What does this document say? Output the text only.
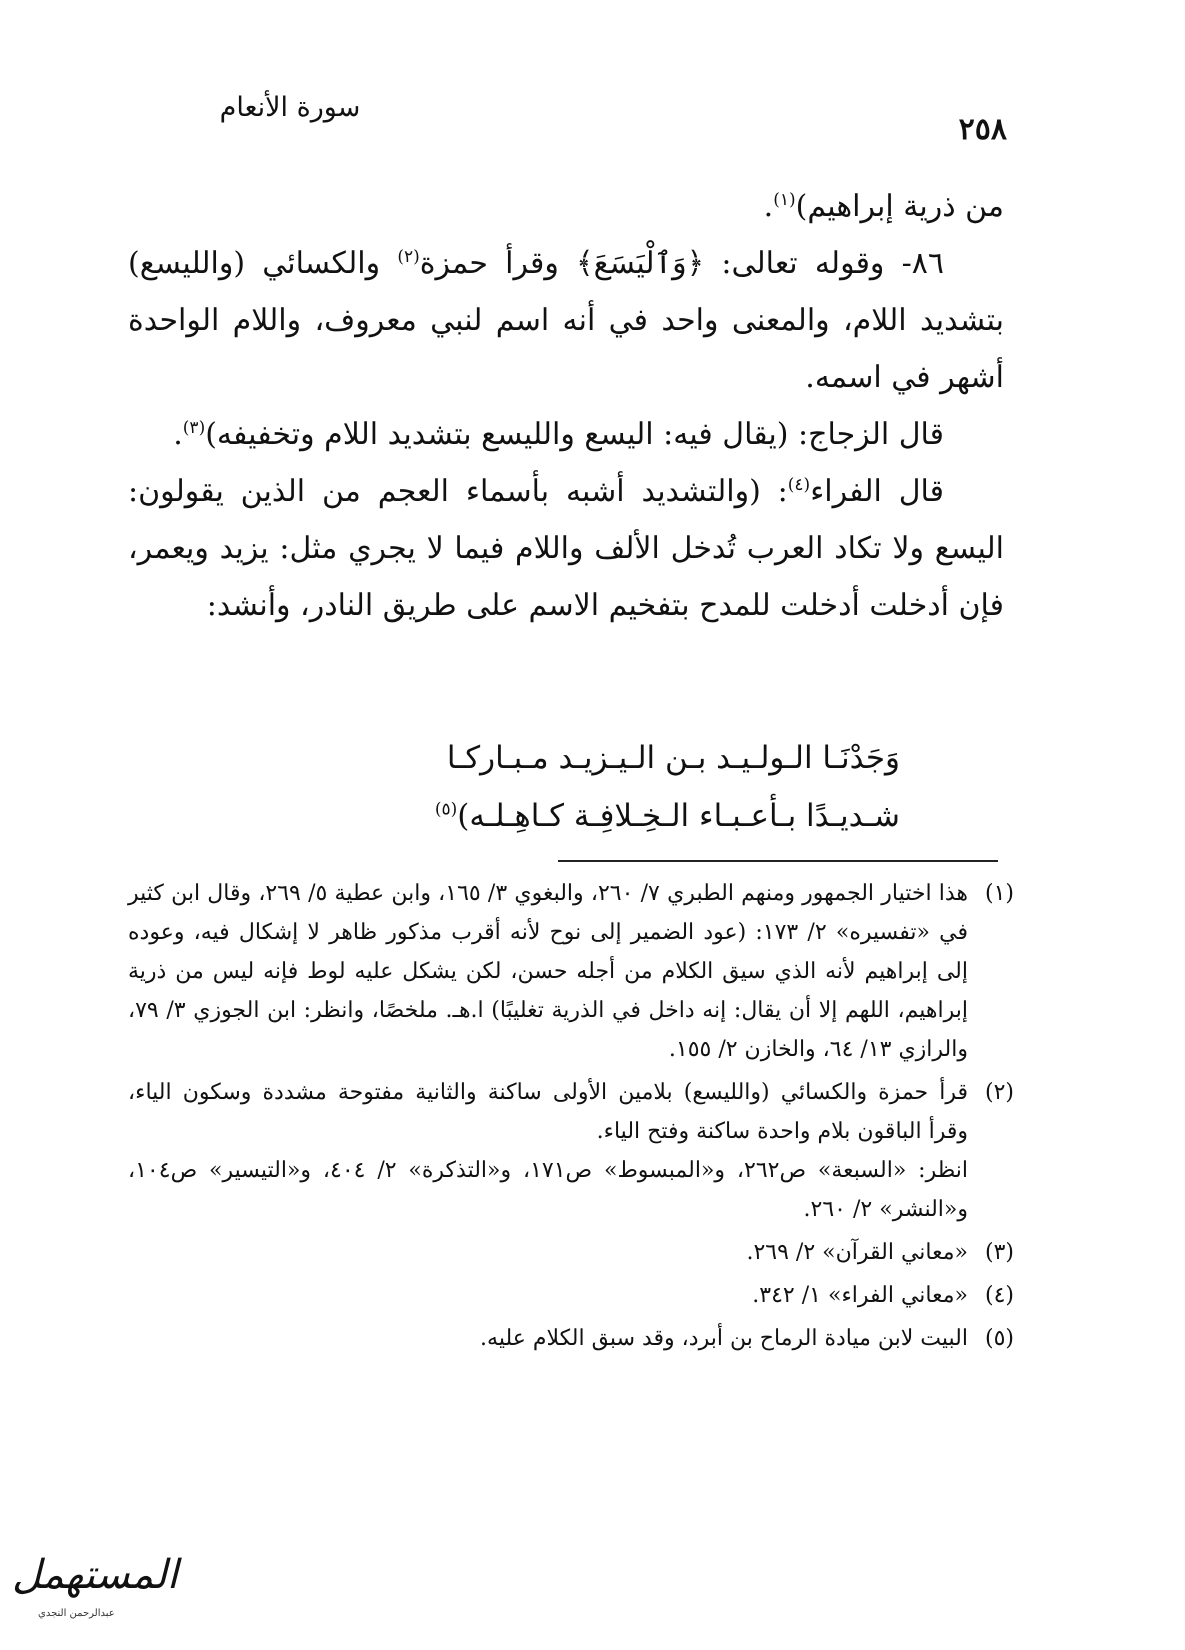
سورة الأنعام
٢٥٨

من ذرية إبراهيم)$^{(١)}$.

٨٦- وقوله تعالى: ﴿وَٱلْيَسَعَ﴾ وقرأ حمزة$^{(٢)}$ والكسائي (والليسع) بتشديد اللام، والمعنى واحد في أنه اسم لنبي معروف، واللام الواحدة أشهر في اسمه.

قال الزجاج: (يقال فيه: اليسع والليسع بتشديد اللام وتخفيفه)$^{(٣)}$.

قال الفراء$^{(٤)}$: (والتشديد أشبه بأسماء العجم من الذين يقولون: اليسع ولا تكاد العرب تُدخل الألف واللام فيما لا يجري مثل: يزيد ويعمر، فإن أدخلت أدخلت للمدح بتفخيم الاسم على طريق النادر، وأنشد:

وَجَدْنَـا الـولـيـد بـن الـيـزيـد مـبـاركـا
شـديـدًا بـأعـبـاء الـخِـلافِـة كـاهِـلـه)$^{(٥)}$
(١)
هذا اختيار الجمهور ومنهم الطبري ٧/ ٢٦٠، والبغوي ٣/ ١٦٥، وابن عطية ٥/ ٢٦٩، وقال ابن كثير في «تفسيره» ٢/ ١٧٣: (عود الضمير إلى نوح لأنه أقرب مذكور ظاهر لا إشكال فيه، وعوده إلى إبراهيم لأنه الذي سيق الكلام من أجله حسن، لكن يشكل عليه لوط فإنه ليس من ذرية إبراهيم، اللهم إلا أن يقال: إنه داخل في الذرية تغليبًا) ا.هـ. ملخصًا، وانظر: ابن الجوزي ٣/ ٧٩، والرازي ١٣/ ٦٤، والخازن ٢/ ١٥٥.
(٢)
قرأ حمزة والكسائي (والليسع) بلامين الأولى ساكنة والثانية مفتوحة مشددة وسكون الياء، وقرأ الباقون بلام واحدة ساكنة وفتح الياء.
انظر: «السبعة» ص٢٦٢، و«المبسوط» ص١٧١، و«التذكرة» ٢/ ٤٠٤، و«التيسير» ص١٠٤، و«النشر» ٢/ ٢٦٠.
(٣)
«معاني القرآن» ٢/ ٢٦٩.
(٤)
«معاني الفراء» ١/ ٣٤٢.
(٥)
البيت لابن ميادة الرماح بن أبرد، وقد سبق الكلام عليه.
المستهمل
عبدالرحمن النجدي
